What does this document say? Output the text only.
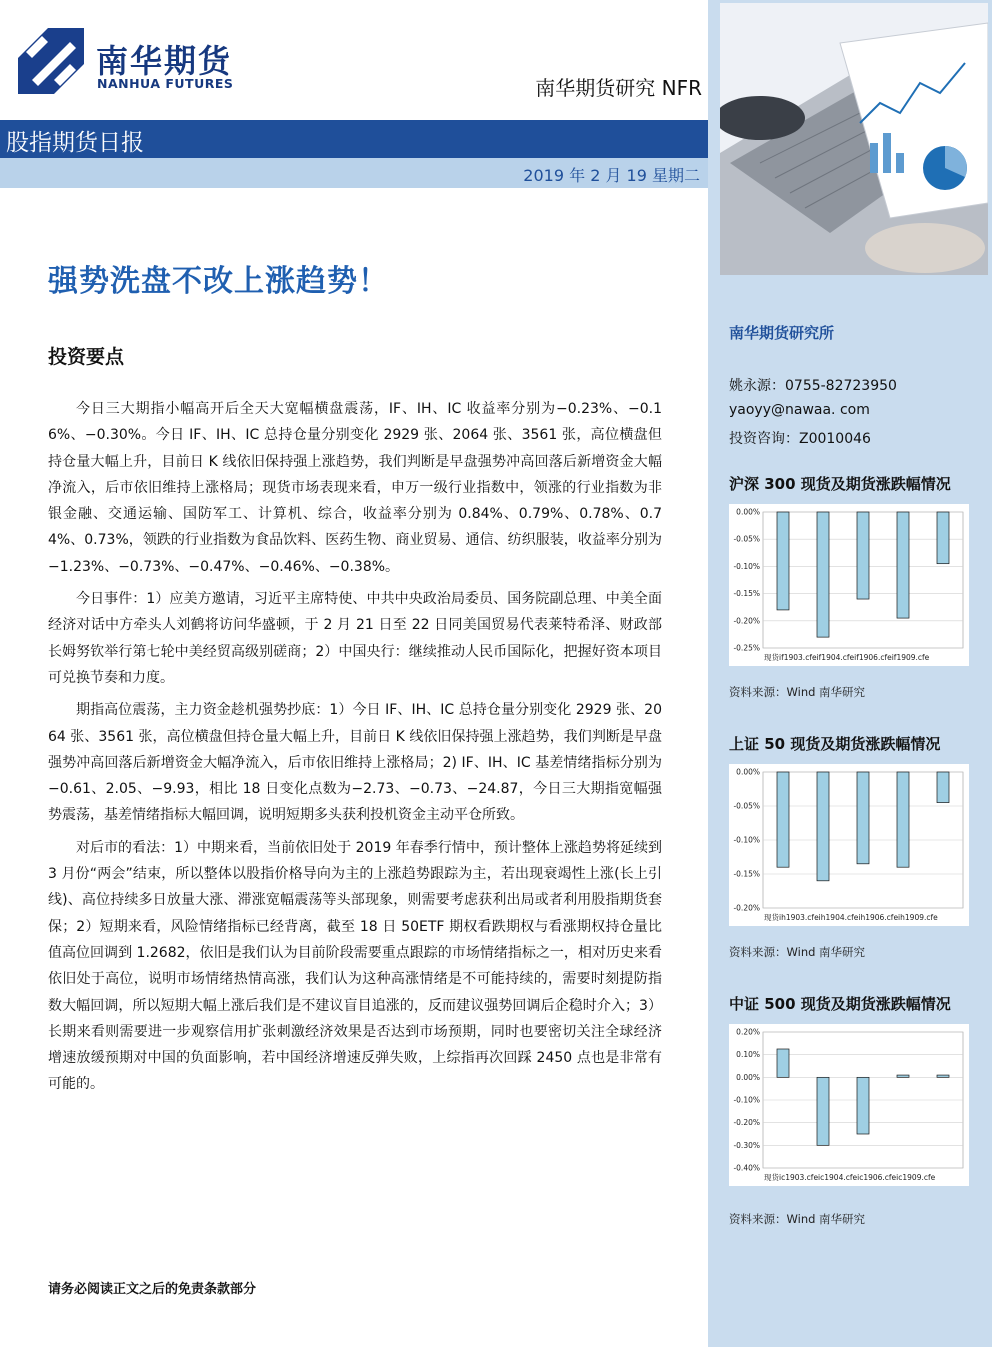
南华期货
NANHUA FUTURES	南华期货研究 NFR
股指期货日报
2019 年 2 月 19 星期二
强势洗盘不改上涨趋势！
投资要点

今日三大期指小幅高开后全天大宽幅横盘震荡，IF、IH、IC 收益率分别为−0.23%、−0.16%、−0.30%。今日 IF、IH、IC 总持仓量分别变化 2929 张、2064 张、3561 张，高位横盘但持仓量大幅上升，目前日 K 线依旧保持强上涨趋势，我们判断是早盘强势冲高回落后新增资金大幅净流入，后市依旧维持上涨格局；现货市场表现来看，申万一级行业指数中，领涨的行业指数为非银金融、交通运输、国防军工、计算机、综合，收益率分别为 0.84%、0.79%、0.78%、0.74%、0.73%，领跌的行业指数为食品饮料、医药生物、商业贸易、通信、纺织服装，收益率分别为−1.23%、−0.73%、−0.47%、−0.46%、−0.38%。

今日事件：1）应美方邀请，习近平主席特使、中共中央政治局委员、国务院副总理、中美全面经济对话中方牵头人刘鹤将访问华盛顿，于 2 月 21 日至 22 日同美国贸易代表莱特希泽、财政部长姆努钦举行第七轮中美经贸高级别磋商；2）中国央行：继续推动人民币国际化，把握好资本项目可兑换节奏和力度。

期指高位震荡，主力资金趁机强势抄底：1）今日 IF、IH、IC 总持仓量分别变化 2929 张、2064 张、3561 张，高位横盘但持仓量大幅上升，目前日 K 线依旧保持强上涨趋势，我们判断是早盘强势冲高回落后新增资金大幅净流入，后市依旧维持上涨格局；2) IF、IH、IC 基差情绪指标分别为−0.61、2.05、−9.93，相比 18 日变化点数为−2.73、−0.73、−24.87，今日三大期指宽幅强势震荡，基差情绪指标大幅回调，说明短期多头获利投机资金主动平仓所致。

对后市的看法：1）中期来看，当前依旧处于 2019 年春季行情中，预计整体上涨趋势将延续到 3 月份“两会”结束，所以整体以股指价格导向为主的上涨趋势跟踪为主，若出现衰竭性上涨(长上引线)、高位持续多日放量大涨、滞涨宽幅震荡等头部现象，则需要考虑获利出局或者利用股指期货套保；2）短期来看，风险情绪指标已经背离，截至 18 日 50ETF 期权看跌期权与看涨期权持仓量比值高位回调到 1.2682，依旧是我们认为目前阶段需要重点跟踪的市场情绪指标之一，相对历史来看依旧处于高位，说明市场情绪热情高涨，我们认为这种高涨情绪是不可能持续的，需要时刻提防指数大幅回调，所以短期大幅上涨后我们是不建议盲目追涨的，反而建议强势回调后企稳时介入；3）长期来看则需要进一步观察信用扩张刺激经济效果是否达到市场预期，同时也要密切关注全球经济增速放缓预期对中国的负面影响，若中国经济增速反弹失败，上综指再次回踩 2450 点也是非常有可能的。

请务必阅读正文之后的免责条款部分
南华期货研究所
姚永源：0755-82723950
yaoyy@nawaa. com
投资咨询：Z0010046
沪深 300 现货及期货涨跌幅情况
0.00%
-0.05%
-0.10%
-0.15%
-0.20%
-0.25%
现货if1903.cfeif1904.cfeif1906.cfeif1909.cfe
资料来源：Wind 南华研究
上证 50 现货及期货涨跌幅情况
0.00%
-0.05%
-0.10%
-0.15%
-0.20%
现货ih1903.cfeih1904.cfeih1906.cfeih1909.cfe
资料来源：Wind 南华研究
中证 500 现货及期货涨跌幅情况
0.20%
0.10%
0.00%
-0.10%
-0.20%
-0.30%
-0.40%
现货ic1903.cfeic1904.cfeic1906.cfeic1909.cfe
资料来源：Wind 南华研究
